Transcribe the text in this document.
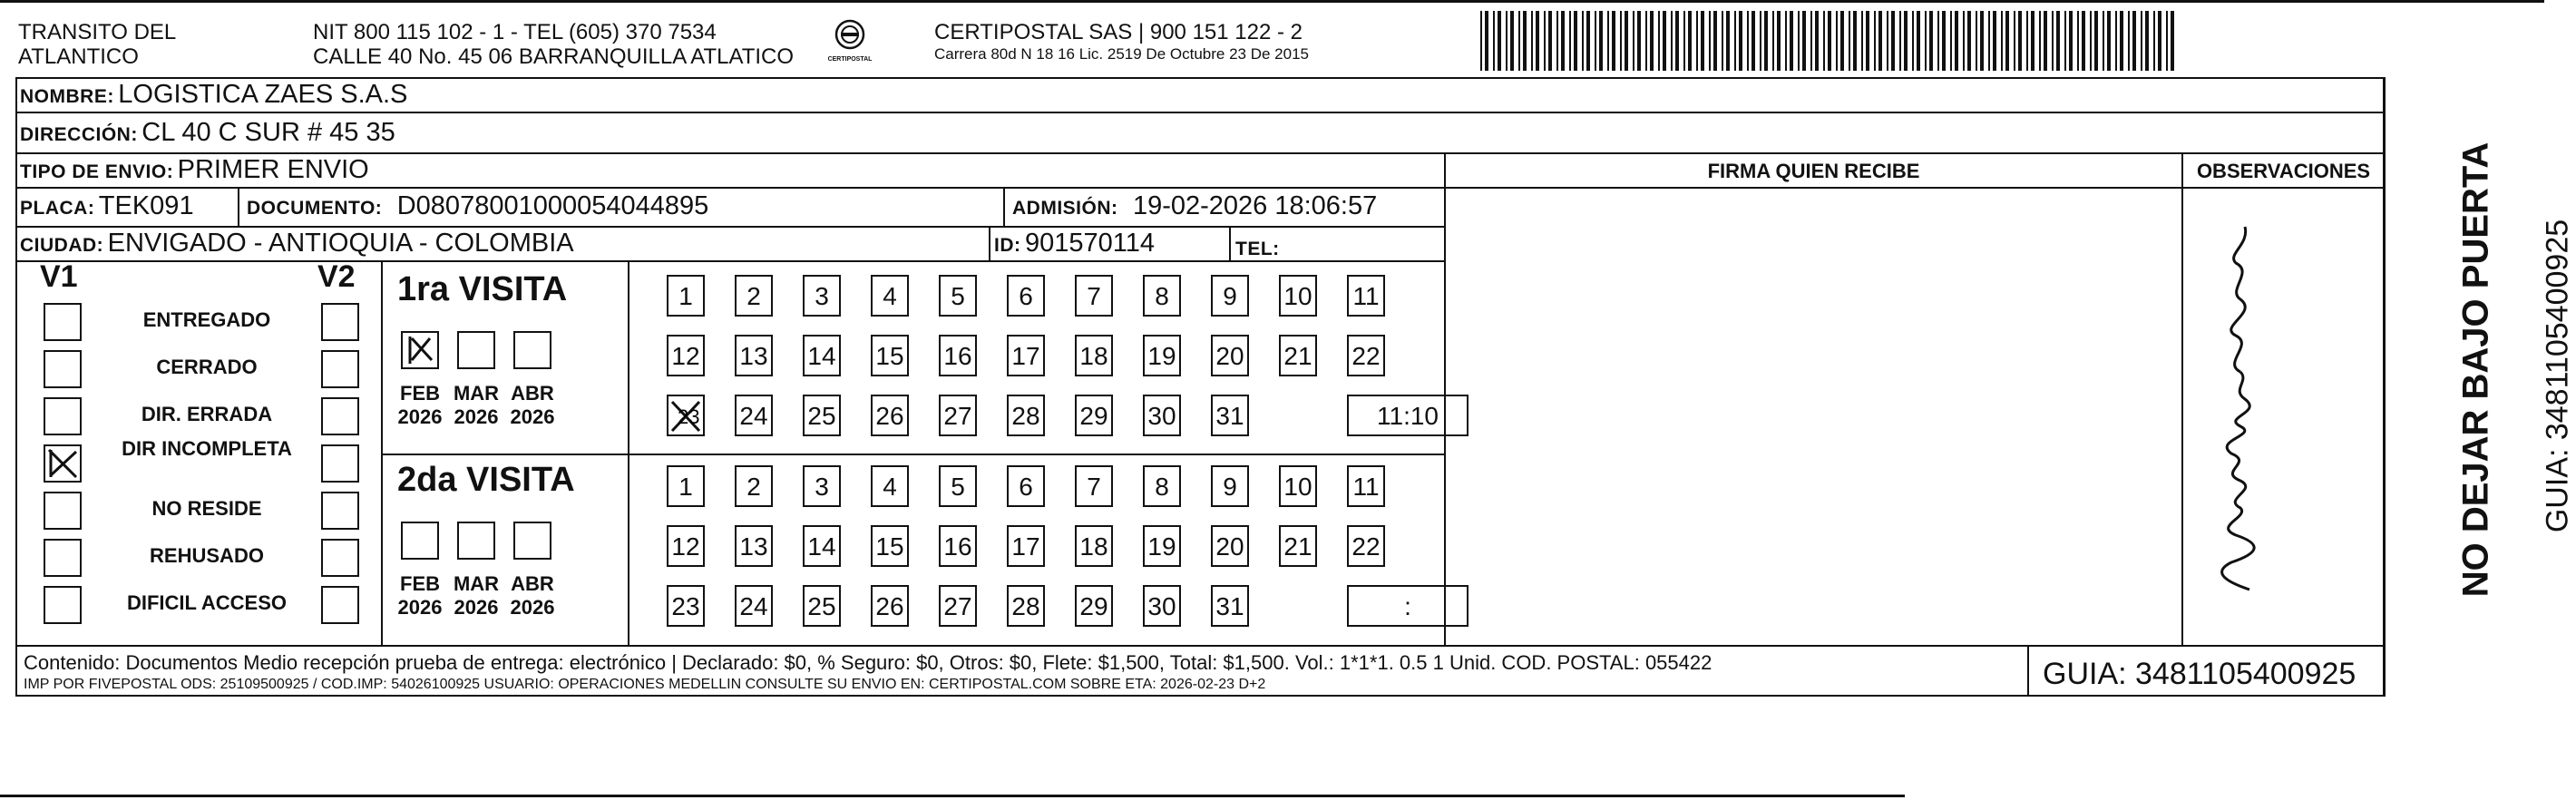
TRANSITO DEL
ATLANTICO
NIT 800 115 102 - 1 - TEL (605) 370 7534
CALLE 40 No. 45 06 BARRANQUILLA ATLATICO	CERTIPOSTAL
CERTIPOSTAL SAS | 900 151 122 - 2
Carrera 80d N 18 16 Lic. 2519 De Octubre 23 De 2015
NOMBRE: LOGISTICA ZAES S.A.S
DIRECCIÓN: CL 40 C SUR # 45 35
TIPO DE ENVIO: PRIMER ENVIO
PLACA: TEK091	DOCUMENTO: D08078001000054044895	ADMISIÓN: 19-02-2026 18:06:57
CIUDAD: ENVIGADO - ANTIOQUIA - COLOMBIA	ID: 901570114	TEL:
FIRMA QUIEN RECIBE	OBSERVACIONES
V1	V2
ENTREGADO
CERRADO
DIR. ERRADA
DIR INCOMPLETA
NO RESIDE
REHUSADO
DIFICIL ACCESO
1ra VISITA
2da VISITA
FEB
2026
MAR
2026
ABR
2026
FEB
2026
MAR
2026
ABR
2026
1	2	3	4	5	6	7	8	9	10 11
12 13 14 15 16 17 18 19 20 21 22
23 24 25 26 27 28 29 30 31	11:10
1	2	3	4	5	6	7	8	9	10 11
12 13 14 15 16 17 18 19 20 21 22
23 24 25 26 27 28 29 30 31	:
NO DEJAR BAJO PUERTA GUIA: 3481105400925
Contenido: Documentos Medio recepción prueba de entrega: electrónico | Declarado: $0, % Seguro: $0, Otros: $0, Flete: $1,500, Total: $1,500. Vol.: 1*1*1. 0.5 1 Unid. COD. POSTAL: 055422
IMP POR FIVEPOSTAL ODS: 25109500925 / COD.IMP: 54026100925 USUARIO: OPERACIONES MEDELLIN CONSULTE SU ENVIO EN: CERTIPOSTAL.COM SOBRE ETA: 2026-02-23 D+2	GUIA: 3481105400925
